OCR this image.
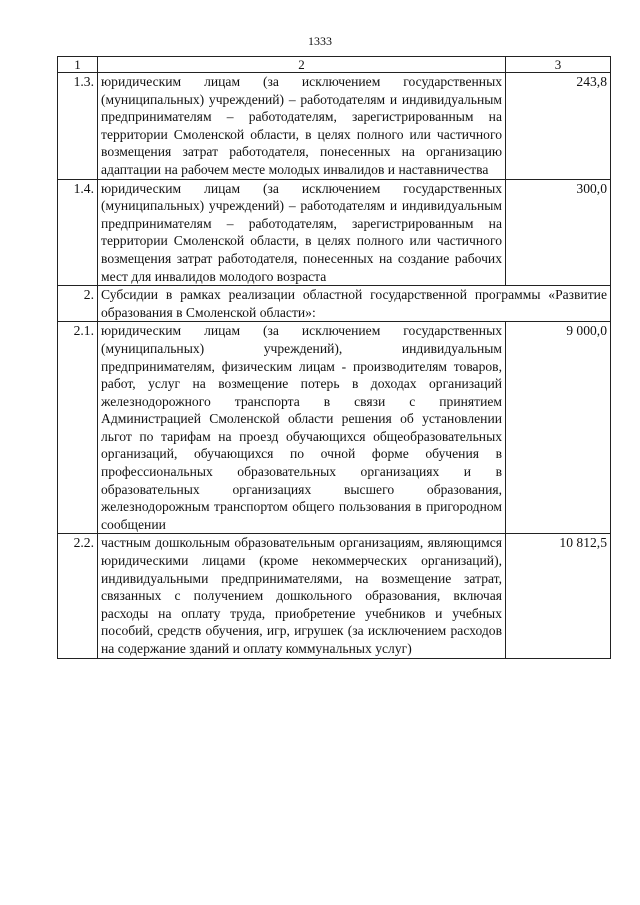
1333
1	2	3
1.3.	юридическим лицам (за исключением государственных (муниципальных) учреждений) – работодателям и индивидуальным предпринимателям – работодателям, зарегистрированным на территории Смоленской области, в целях полного или частичного возмещения затрат работодателя, понесенных на организацию адаптации на рабочем месте молодых инвалидов и наставничества	243,8
1.4.	юридическим лицам (за исключением государственных (муниципальных) учреждений) – работодателям и индивидуальным предпринимателям – работодателям, зарегистрированным на территории Смоленской области, в целях полного или частичного возмещения затрат работодателя, понесенных на создание рабочих мест для инвалидов молодого возраста	300,0
2.	Субсидии в рамках реализации областной государственной программы «Развитие образования в Смоленской области»:	
2.1.	юридическим лицам (за исключением государственных (муниципальных) учреждений), индивидуальным предпринимателям, физическим лицам - производителям товаров, работ, услуг на возмещение потерь в доходах организаций железнодорожного транспорта в связи с принятием Администрацией Смоленской области решения об установлении льгот по тарифам на проезд обучающихся общеобразовательных организаций, обучающихся по очной форме обучения в профессиональных образовательных организациях и в образовательных организациях высшего образования, железнодорожным транспортом общего пользования в пригородном сообщении	9 000,0
2.2.	частным дошкольным образовательным организациям, являющимся юридическими лицами (кроме некоммерческих организаций), индивидуальными предпринимателями, на возмещение затрат, связанных с получением дошкольного образования, включая расходы на оплату труда, приобретение учебников и учебных пособий, средств обучения, игр, игрушек (за исключением расходов на содержание зданий и оплату коммунальных услуг)	10 812,5
